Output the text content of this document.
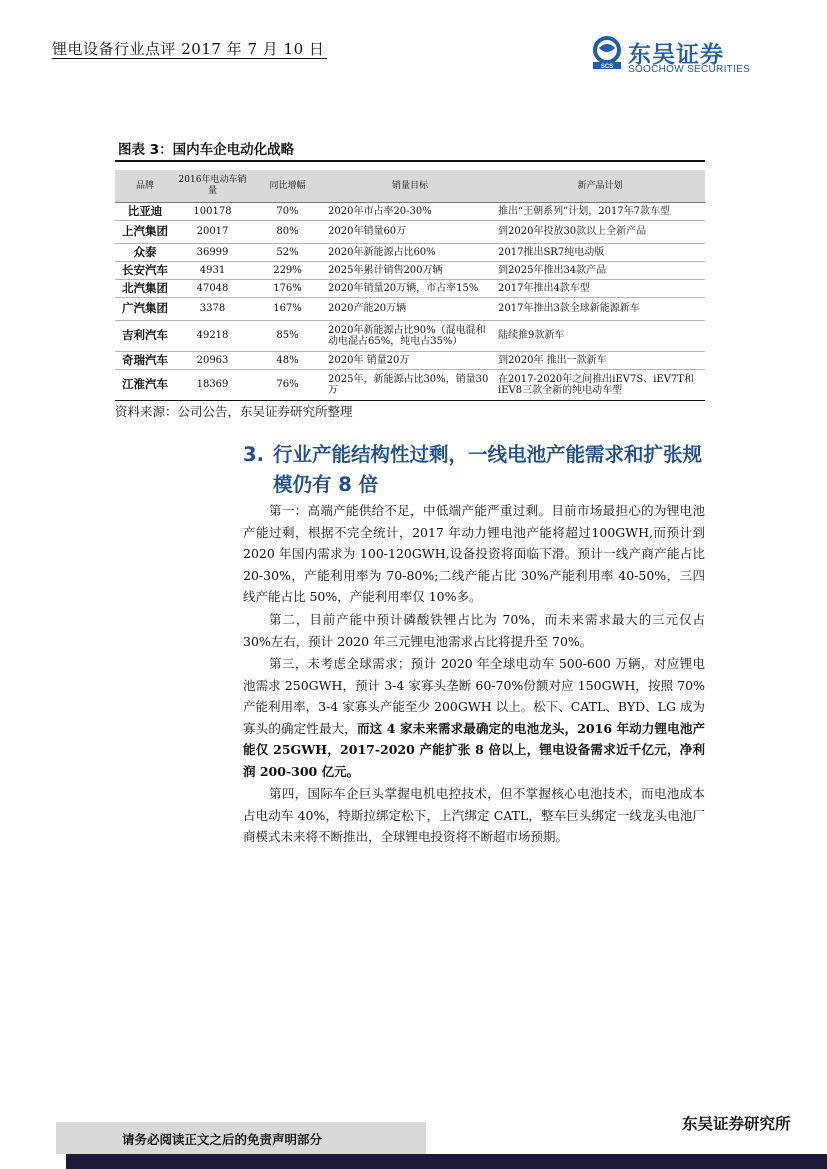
锂电设备行业点评 2017 年 7 月 10 日
SCS 东吴证券
SOOCHOW SECURITIES
图表 3：国内车企电动化战略
品牌	2016年电动车销量	同比增幅	销量目标	新产品计划
比亚迪	100178	70%	2020年市占率20-30%	推出“王朝系列”计划，2017年7款车型
上汽集团	20017	80%	2020年销量60万	到2020年投放30款以上全新产品
众泰	36999	52%	2020年新能源占比60%	2017推出SR7纯电动版
长安汽车	4931	229%	2025年累计销售200万辆	到2025年推出34款产品
北汽集团	47048	176%	2020年销量20万辆，市占率15%	2017年推出4款车型
广汽集团	3378	167%	2020产能20万辆	2017年推出3款全球新能源新车
吉利汽车	49218	85%	2020年新能源占比90%（混电混和动电混占65%，纯电占35%）	陆续推9款新车
奇瑞汽车	20963	48%	2020年 销量20万	到2020年 推出一款新车
江淮汽车	18369	76%	2025年，新能源占比30%，销量30万	在2017-2020年之间推出iEV7S、iEV7T和iEV8三款全新的纯电动车型
资料来源：公司公告，东吴证券研究所整理
3. 行业产能结构性过剩，一线电池产能需求和扩张规
模仍有 8 倍
第一：高端产能供给不足，中低端产能严重过剩。目前市场最担心的为锂电池产能过剩，根据不完全统计，2017 年动力锂电池产能将超过100GWH,而预计到 2020 年国内需求为 100-120GWH,设备投资将面临下滑。预计一线产商产能占比 20-30%，产能利用率为 70-80%;二线产能占比 30%产能利用率 40-50%，三四线产能占比 50%，产能利用率仅 10%多。
第二，目前产能中预计磷酸铁锂占比为 70%，而未来需求最大的三元仅占 30%左右，预计 2020 年三元锂电池需求占比将提升至 70%。
第三，未考虑全球需求；预计 2020 年全球电动车 500-600 万辆，对应锂电池需求 250GWH，预计 3-4 家寡头垄断 60-70%份额对应 150GWH，按照 70%产能利用率，3-4 家寡头产能至少 200GWH 以上。松下、CATL、BYD、LG 成为寡头的确定性最大，而这 4 家未来需求最确定的电池龙头，2016 年动力锂电池产能仅 25GWH，2017-2020 产能扩张 8 倍以上，锂电设备需求近千亿元，净利润 200-300 亿元。
第四，国际车企巨头掌握电机电控技术，但不掌握核心电池技术，而电池成本占电动车 40%，特斯拉绑定松下，上汽绑定 CATL，整车巨头绑定一线龙头电池厂商模式未来将不断推出，全球锂电投资将不断超市场预期。
请务必阅读正文之后的免责声明部分
东吴证券研究所
